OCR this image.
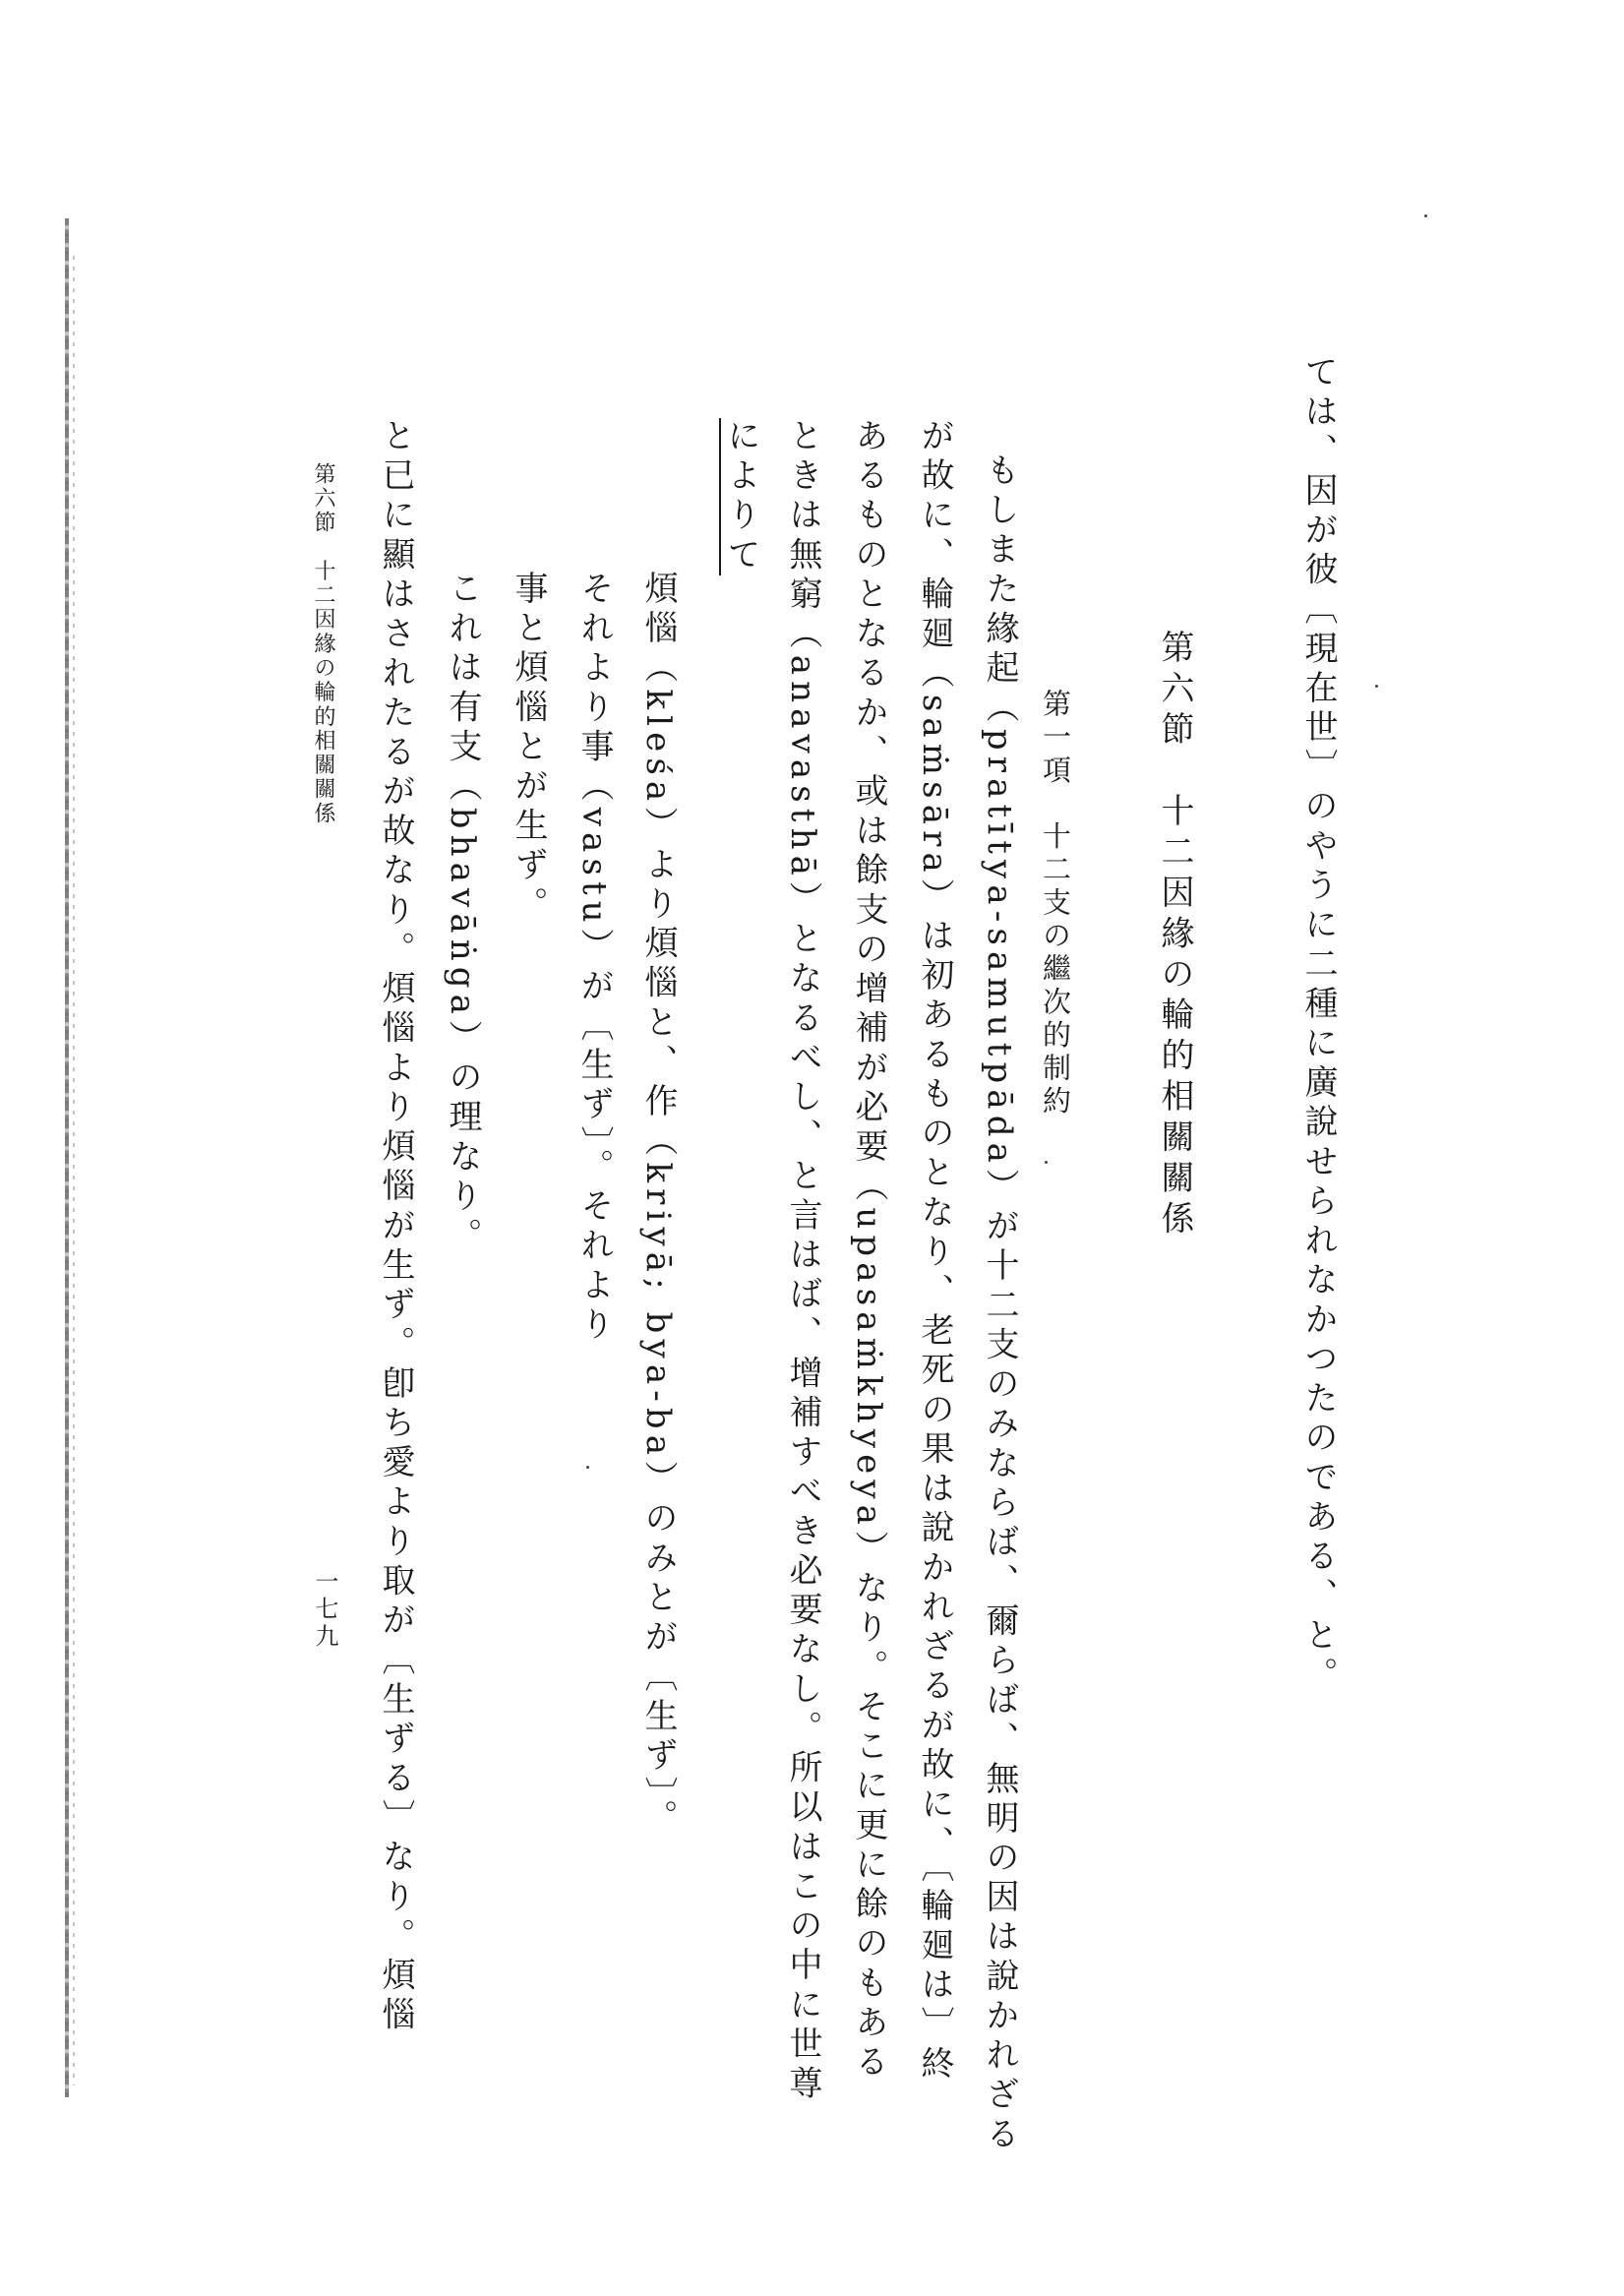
ては、因が彼〔現在世〕のやうに二種に廣說せられなかつたのである、と。
第六節　十二因緣の輪的相關關係
第一項　十二支の繼次的制約
もしまた緣起（pratītya-samutpāda）が十二支のみならば、爾らば、無明の因は說かれざる
が故に、輪廻（saṁsāra）は初あるものとなり、老死の果は說かれざるが故に、〔輪廻は〕終
あるものとなるか、或は餘支の增補が必要（upasaṁkhyeya）なり。そこに更に餘のもある
ときは無窮（anavasthā）となるべし、と言はば、增補すべき必要なし。所以はこの中に世尊
によりて
煩惱（kleśa）より煩惱と、作（kriyā; bya-ba）のみとが〔生ず〕。
それより事（vastu）が〔生ず〕。それより
事と煩惱とが生ず。
これは有支（bhavāṅga）の理なり。
と已に顯はされたるが故なり。煩惱より煩惱が生ず。卽ち愛より取が〔生ずる〕なり。煩惱
第六節　十二因緣の輪的相關關係
一七九
